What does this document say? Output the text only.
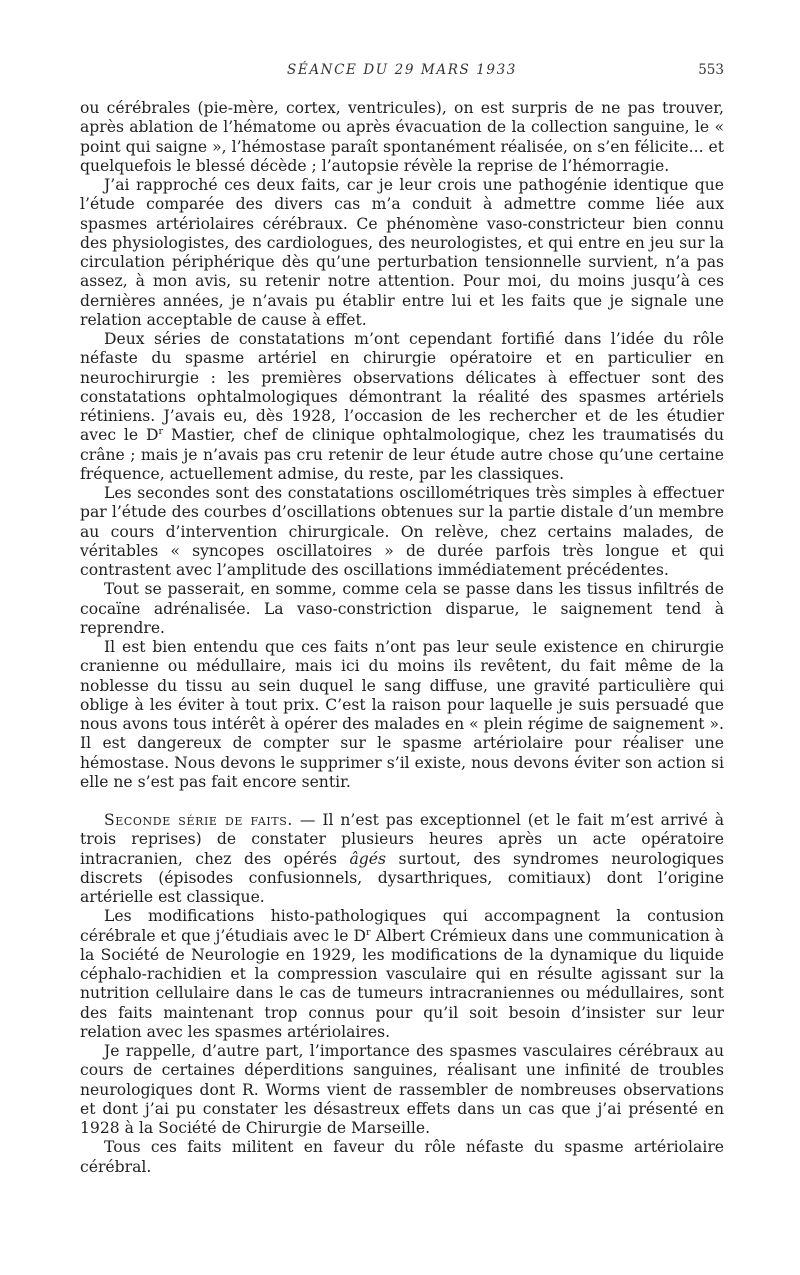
SÉANCE DU 29 MARS 1933	553

ou cérébrales (pie-mère, cortex, ventricules), on est surpris de ne pas trouver, après ablation de l’hématome ou après évacuation de la collection sanguine, le « point qui saigne », l’hémostase paraît spontanément réalisée, on s’en félicite... et quelquefois le blessé décède ; l’autopsie révèle la reprise de l’hémorragie.

J’ai rapproché ces deux faits, car je leur crois une pathogénie identique que l’étude comparée des divers cas m’a conduit à admettre comme liée aux spasmes artériolaires cérébraux. Ce phénomène vaso-constricteur bien connu des physiologistes, des cardiologues, des neurologistes, et qui entre en jeu sur la circulation périphérique dès qu’une perturbation tensionnelle survient, n’a pas assez, à mon avis, su retenir notre attention. Pour moi, du moins jusqu’à ces dernières années, je n’avais pu établir entre lui et les faits que je signale une relation acceptable de cause à effet.

Deux séries de constatations m’ont cependant fortifié dans l’idée du rôle néfaste du spasme artériel en chirurgie opératoire et en particulier en neurochirurgie : les premières observations délicates à effectuer sont des constatations ophtalmologiques démontrant la réalité des spasmes artériels rétiniens. J’avais eu, dès 1928, l’occasion de les rechercher et de les étudier avec le $D^r$ Mastier, chef de clinique ophtalmologique, chez les traumatisés du crâne ; mais je n’avais pas cru retenir de leur étude autre chose qu’une certaine fréquence, actuellement admise, du reste, par les classiques.

Les secondes sont des constatations oscillométriques très simples à effectuer par l’étude des courbes d’oscillations obtenues sur la partie distale d’un membre au cours d’intervention chirurgicale. On relève, chez certains malades, de véritables « syncopes oscillatoires » de durée parfois très longue et qui contrastent avec l’amplitude des oscillations immédiatement précédentes.

Tout se passerait, en somme, comme cela se passe dans les tissus infiltrés de cocaïne adrénalisée. La vaso-constriction disparue, le saignement tend à reprendre.

Il est bien entendu que ces faits n’ont pas leur seule existence en chirurgie cranienne ou médullaire, mais ici du moins ils revêtent, du fait même de la noblesse du tissu au sein duquel le sang diffuse, une gravité particulière qui oblige à les éviter à tout prix. C’est la raison pour laquelle je suis persuadé que nous avons tous intérêt à opérer des malades en « plein régime de saignement ». Il est dangereux de compter sur le spasme artériolaire pour réaliser une hémostase. Nous devons le supprimer s’il existe, nous devons éviter son action si elle ne s’est pas fait encore sentir.

Seconde série de faits. — Il n’est pas exceptionnel (et le fait m’est arrivé à trois reprises) de constater plusieurs heures après un acte opératoire intracranien, chez des opérés âgés surtout, des syndromes neurologiques discrets (épisodes confusionnels, dysarthriques, comitiaux) dont l’origine artérielle est classique.

Les modifications histo-pathologiques qui accompagnent la contusion cérébrale et que j’étudiais avec le $D^r$ Albert Crémieux dans une communication à la Société de Neurologie en 1929, les modifications de la dynamique du liquide céphalo-rachidien et la compression vasculaire qui en résulte agissant sur la nutrition cellulaire dans le cas de tumeurs intracraniennes ou médullaires, sont des faits maintenant trop connus pour qu’il soit besoin d’insister sur leur relation avec les spasmes artériolaires.

Je rappelle, d’autre part, l’importance des spasmes vasculaires cérébraux au cours de certaines déperditions sanguines, réalisant une infinité de troubles neurologiques dont R. Worms vient de rassembler de nombreuses observations et dont j’ai pu constater les désastreux effets dans un cas que j’ai présenté en 1928 à la Société de Chirurgie de Marseille.

Tous ces faits militent en faveur du rôle néfaste du spasme artériolaire cérébral.
